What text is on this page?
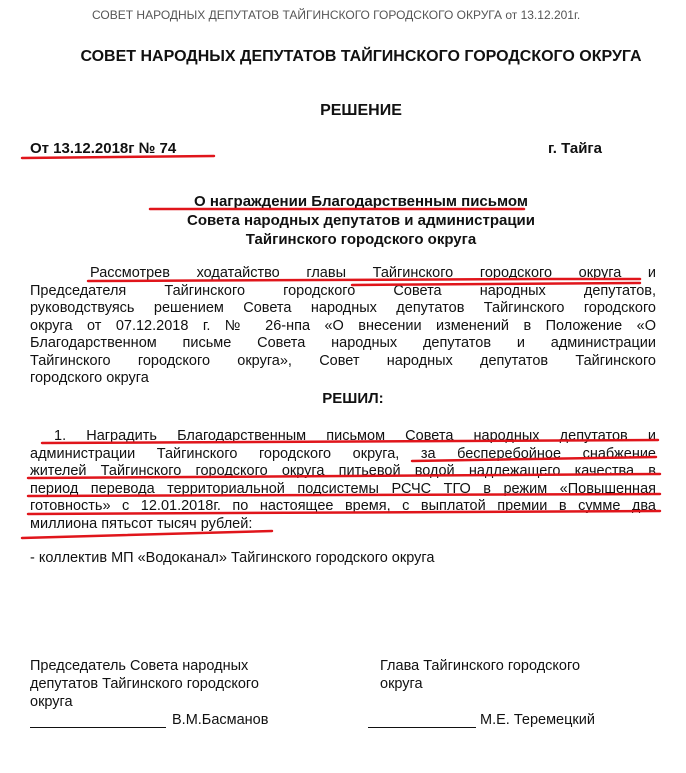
СОВЕТ НАРОДНЫХ ДЕПУТАТОВ ТАЙГИНСКОГО ГОРОДСКОГО ОКРУГА от 13.12.201г.
СОВЕТ НАРОДНЫХ ДЕПУТАТОВ ТАЙГИНСКОГО ГОРОДСКОГО ОКРУГА
РЕШЕНИЕ
От 13.12.2018г № 74	г. Тайга
О награждении Благодарственным письмом
Совета народных депутатов и администрации
Тайгинского городского округа
Рассмотрев ходатайство главы Тайгинского городского округа и
Председателя Тайгинского городского Совета народных депутатов,
руководствуясь решением Совета народных депутатов Тайгинского городского
округа от 07.12.2018 г. № 26-нпа «О внесении изменений в Положение «О
Благодарственном письме Совета народных депутатов и администрации
Тайгинского городского округа», Совет народных депутатов Тайгинского
городского округа
РЕШИЛ:
1. Наградить Благодарственным письмом Совета народных депутатов и
администрации Тайгинского городского округа, за бесперебойное снабжение
жителей Тайгинского городского округа питьевой водой надлежащего качества в
период перевода территориальной подсистемы РСЧС ТГО в режим «Повышенная
готовность» с 12.01.2018г. по настоящее время, с выплатой премии в сумме два
миллиона пятьсот тысяч рублей:
- коллектив МП «Водоканал» Тайгинского городского округа
Председатель Совета народных
депутатов Тайгинского городского
округа
Глава Тайгинского городского
округа
В.М.Басманов	М.Е. Теремецкий
